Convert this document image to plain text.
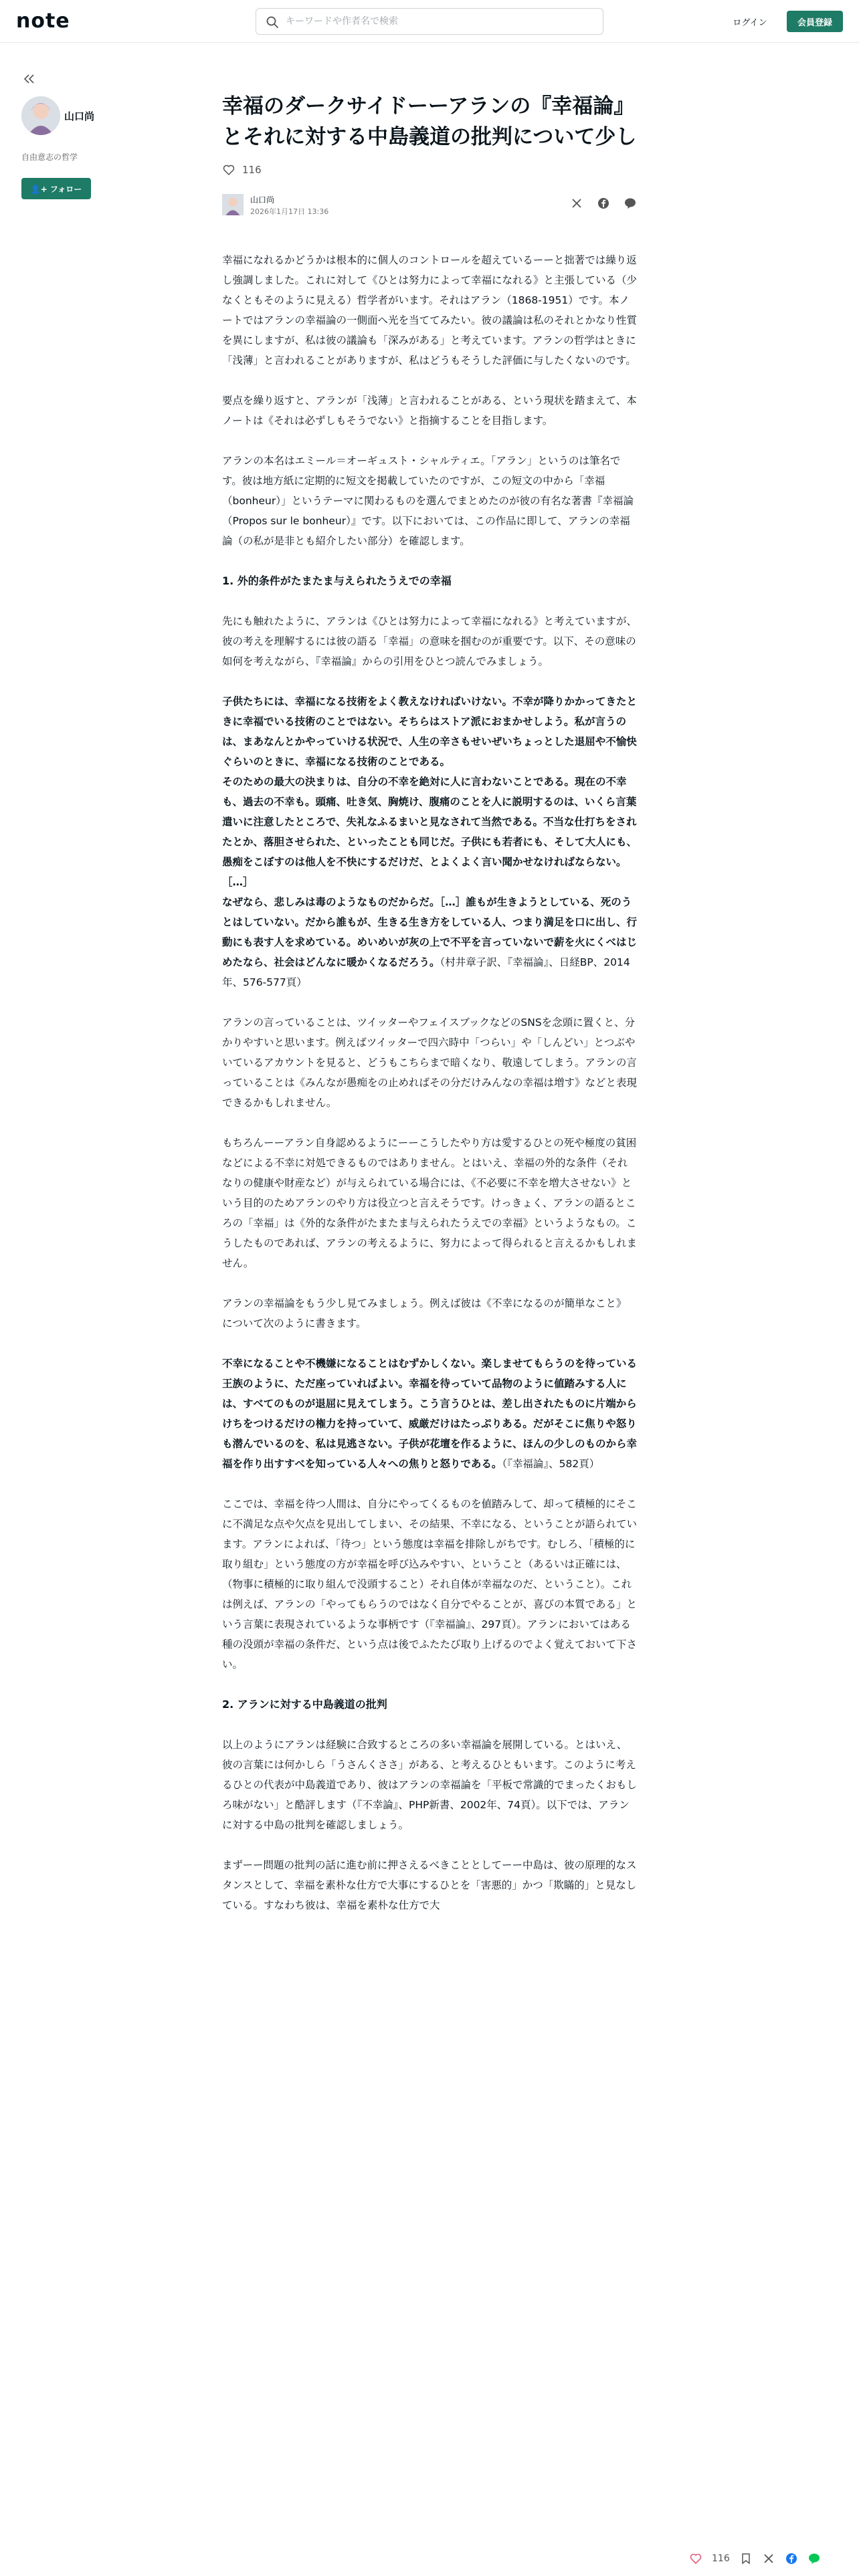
note
キーワードや作者名で検索	ログイン	会員登録
山口尚
自由意志の哲学
👤+ フォロー
幸福のダークサイドーーアランの『幸福論』とそれに対する中島義道の批判について少し
116
山口尚
2026年1月17日 13:36

幸福になれるかどうかは根本的に個人のコントロールを超えているーーと拙著では繰り返し強調しました。これに対して《ひとは努力によって幸福になれる》と主張している（少なくともそのように見える）哲学者がいます。それはアラン（1868-1951）です。本ノートではアランの幸福論の一側面へ光を当ててみたい。彼の議論は私のそれとかなり性質を異にしますが、私は彼の議論も「深みがある」と考えています。アランの哲学はときに「浅薄」と言われることがありますが、私はどうもそうした評価に与したくないのです。

要点を繰り返すと、アランが「浅薄」と言われることがある、という現状を踏まえて、本ノートは《それは必ずしもそうでない》と指摘することを目指します。

アランの本名はエミール＝オーギュスト・シャルティエ。「アラン」というのは筆名です。彼は地方紙に定期的に短文を掲載していたのですが、この短文の中から「幸福（bonheur）」というテーマに関わるものを選んでまとめたのが彼の有名な著書『幸福論（Propos sur le bonheur）』です。以下においては、この作品に即して、アランの幸福論（の私が是非とも紹介したい部分）を確認します。

1. 外的条件がたまたま与えられたうえでの幸福

先にも触れたように、アランは《ひとは努力によって幸福になれる》と考えていますが、彼の考えを理解するには彼の語る「幸福」の意味を掴むのが重要です。以下、その意味の如何を考えながら、『幸福論』からの引用をひとつ読んでみましょう。

子供たちには、幸福になる技術をよく教えなければいけない。不幸が降りかかってきたときに幸福でいる技術のことではない。そちらはストア派におまかせしよう。私が言うのは、まあなんとかやっていける状況で、人生の辛さもせいぜいちょっとした退屈や不愉快ぐらいのときに、幸福になる技術のことである。
そのための最大の決まりは、自分の不幸を絶対に人に言わないことである。現在の不幸も、過去の不幸も。頭痛、吐き気、胸焼け、腹痛のことを人に説明するのは、いくら言葉遣いに注意したところで、失礼なふるまいと見なされて当然である。不当な仕打ちをされたとか、落胆させられた、といったことも同じだ。子供にも若者にも、そして大人にも、愚痴をこぼすのは他人を不快にするだけだ、とよくよく言い聞かせなければならない。
［…］
なぜなら、悲しみは毒のようなものだからだ。［…］誰もが生きようとしている、死のうとはしていない。だから誰もが、生きる生き方をしている人、つまり満足を口に出し、行動にも表す人を求めている。めいめいが灰の上で不平を言っていないで薪を火にくべはじめたなら、社会はどんなに暖かくなるだろう。（村井章子訳、『幸福論』、日経BP、2014年、576-577頁）

アランの言っていることは、ツイッターやフェイスブックなどのSNSを念頭に置くと、分かりやすいと思います。例えばツイッターで四六時中「つらい」や「しんどい」とつぶやいているアカウントを見ると、どうもこちらまで暗くなり、敬遠してしまう。アランの言っていることは《みんなが愚痴をの止めればその分だけみんなの幸福は増す》などと表現できるかもしれません。

もちろんーーアラン自身認めるようにーーこうしたやり方は愛するひとの死や極度の貧困などによる不幸に対処できるものではありません。とはいえ、幸福の外的な条件（それなりの健康や財産など）が与えられている場合には、《不必要に不幸を増大させない》という目的のためアランのやり方は役立つと言えそうです。けっきょく、アランの語るところの「幸福」は《外的な条件がたまたま与えられたうえでの幸福》というようなもの。こうしたものであれば、アランの考えるように、努力によって得られると言えるかもしれません。

アランの幸福論をもう少し見てみましょう。例えば彼は《不幸になるのが簡単なこと》について次のように書きます。

不幸になることや不機嫌になることはむずかしくない。楽しませてもらうのを待っている王族のように、ただ座っていればよい。幸福を待っていて品物のように値踏みする人には、すべてのものが退屈に見えてしまう。こう言うひとは、差し出されたものに片端からけちをつけるだけの権力を持っていて、威厳だけはたっぷりある。だがそこに焦りや怒りも潜んでいるのを、私は見逃さない。子供が花壇を作るように、ほんの少しのものから幸福を作り出すすべを知っている人々への焦りと怒りである。（『幸福論』、582頁）

ここでは、幸福を待つ人間は、自分にやってくるものを値踏みして、却って積極的にそこに不満足な点や欠点を見出してしまい、その結果、不幸になる、ということが語られています。アランによれば、「待つ」という態度は幸福を排除しがちです。むしろ、「積極的に取り組む」という態度の方が幸福を呼び込みやすい、ということ（あるいは正確には、（物事に積極的に取り組んで没頭すること）それ自体が幸福なのだ、ということ）。これは例えば、アランの「やってもらうのではなく自分でやることが、喜びの本質である」という言葉に表現されているような事柄です（『幸福論』、297頁）。アランにおいてはある種の没頭が幸福の条件だ、という点は後でふたたび取り上げるのでよく覚えておいて下さい。

2. アランに対する中島義道の批判

以上のようにアランは経験に合致するところの多い幸福論を展開している。とはいえ、彼の言葉には何かしら「うさんくささ」がある、と考えるひともいます。このように考えるひとの代表が中島義道であり、彼はアランの幸福論を「平板で常識的でまったくおもしろ味がない」と酷評します（『不幸論』、PHP新書、2002年、74頁）。以下では、アランに対する中島の批判を確認しましょう。

まずーー問題の批判の話に進む前に押さえるべきこととしてーー中島は、彼の原理的なスタンスとして、幸福を素朴な仕方で大事にするひとを「害悪的」かつ「欺瞞的」と見なしている。すなわち彼は、幸福を素朴な仕方で大

116
